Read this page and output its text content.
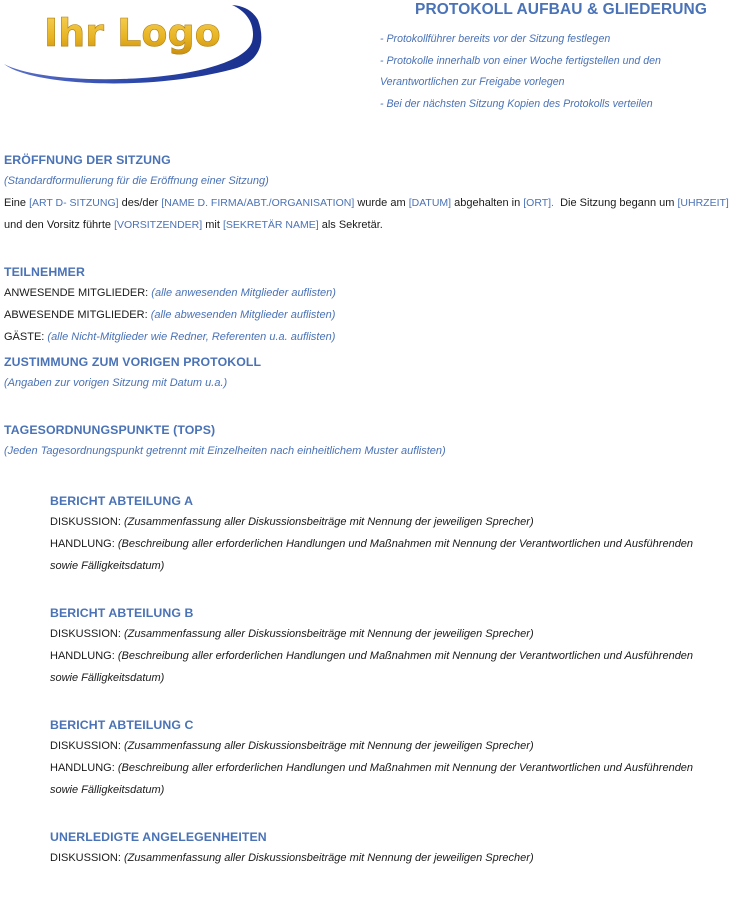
Ihr Logo
PROTOKOLL AUFBAU & GLIEDERUNG
- Protokollführer bereits vor der Sitzung festlegen
- Protokolle innerhalb von einer Woche fertigstellen und den
Verantwortlichen zur Freigabe vorlegen
- Bei der nächsten Sitzung Kopien des Protokolls verteilen
ERÖFFNUNG DER SITZUNG
(Standardformulierung für die Eröffnung einer Sitzung)
Eine [ART D- SITZUNG] des/der [NAME D. FIRMA/ABT./ORGANISATION] wurde am [DATUM] abgehalten in [ORT].  Die Sitzung begann um [UHRZEIT]
und den Vorsitz führte [VORSITZENDER] mit [SEKRETÄR NAME] als Sekretär.
TEILNEHMER
ANWESENDE MITGLIEDER: (alle anwesenden Mitglieder auflisten)
ABWESENDE MITGLIEDER: (alle abwesenden Mitglieder auflisten)
GÄSTE: (alle Nicht-Mitglieder wie Redner, Referenten u.a. auflisten)
ZUSTIMMUNG ZUM VORIGEN PROTOKOLL
(Angaben zur vorigen Sitzung mit Datum u.a.)
TAGESORDNUNGSPUNKTE (TOPS)
(Jeden Tagesordnungspunkt getrennt mit Einzelheiten nach einheitlichem Muster auflisten)
BERICHT ABTEILUNG A
DISKUSSION: (Zusammenfassung aller Diskussionsbeiträge mit Nennung der jeweiligen Sprecher)
HANDLUNG: (Beschreibung aller erforderlichen Handlungen und Maßnahmen mit Nennung der Verantwortlichen und Ausführenden sowie Fälligkeitsdatum)
BERICHT ABTEILUNG B
DISKUSSION: (Zusammenfassung aller Diskussionsbeiträge mit Nennung der jeweiligen Sprecher)
HANDLUNG: (Beschreibung aller erforderlichen Handlungen und Maßnahmen mit Nennung der Verantwortlichen und Ausführenden sowie Fälligkeitsdatum)
BERICHT ABTEILUNG C
DISKUSSION: (Zusammenfassung aller Diskussionsbeiträge mit Nennung der jeweiligen Sprecher)
HANDLUNG: (Beschreibung aller erforderlichen Handlungen und Maßnahmen mit Nennung der Verantwortlichen und Ausführenden sowie Fälligkeitsdatum)
UNERLEDIGTE ANGELEGENHEITEN
DISKUSSION: (Zusammenfassung aller Diskussionsbeiträge mit Nennung der jeweiligen Sprecher)
